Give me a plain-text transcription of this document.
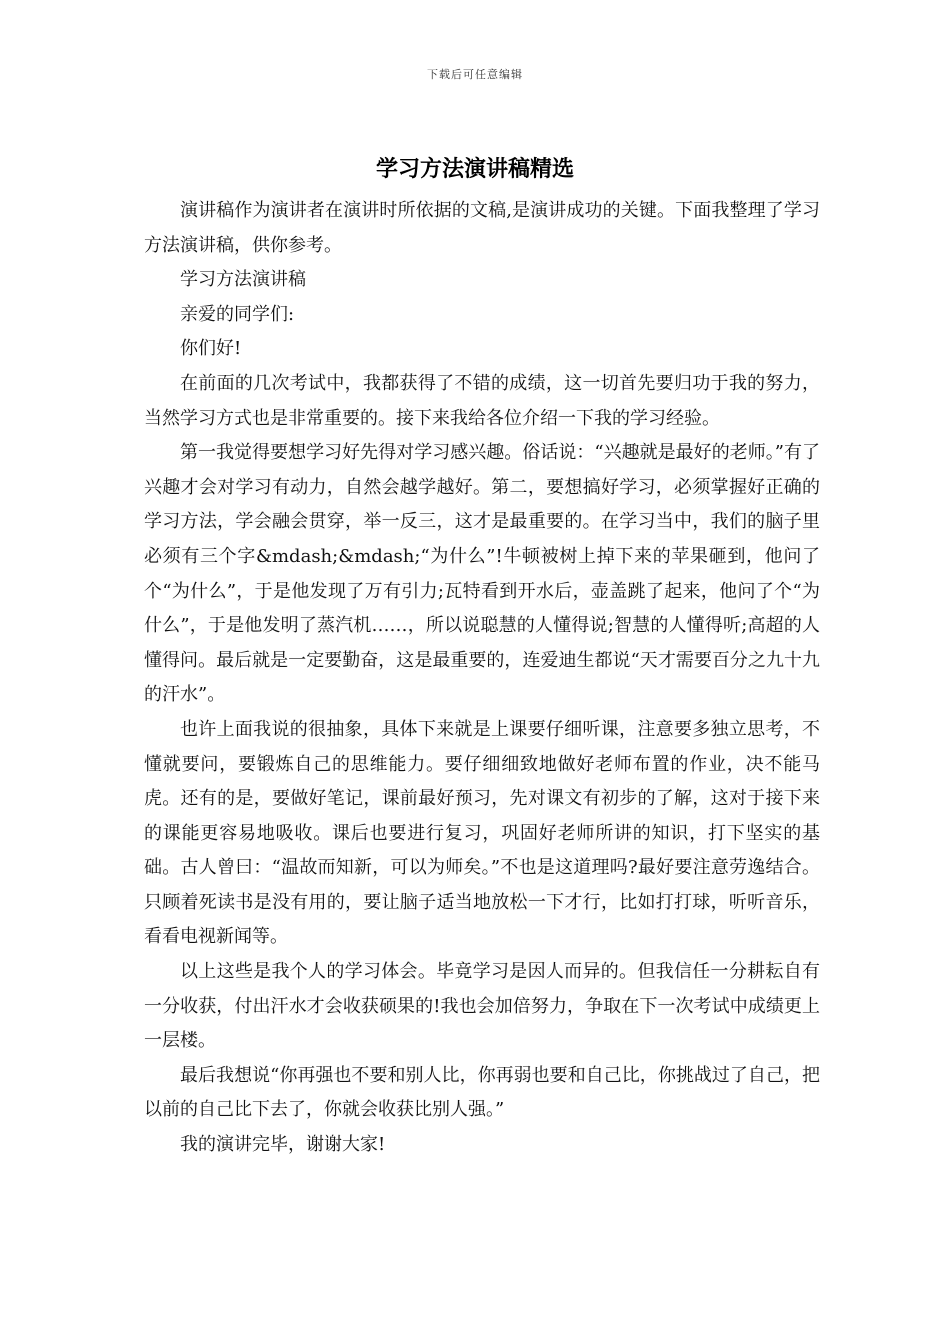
下载后可任意编辑
学习方法演讲稿精选

演讲稿作为演讲者在演讲时所依据的文稿,是演讲成功的关键。下面我整理了学习方法演讲稿，供你参考。

学习方法演讲稿

亲爱的同学们:

你们好!

在前面的几次考试中，我都获得了不错的成绩，这一切首先要归功于我的努力，当然学习方式也是非常重要的。接下来我给各位介绍一下我的学习经验。

第一我觉得要想学习好先得对学习感兴趣。俗话说：“兴趣就是最好的老师。”有了兴趣才会对学习有动力，自然会越学越好。第二，要想搞好学习，必须掌握好正确的学习方法，学会融会贯穿，举一反三，这才是最重要的。在学习当中，我们的脑子里必须有三个字&mdash;&mdash;“为什么”!牛顿被树上掉下来的苹果砸到，他问了个“为什么”，于是他发现了万有引力;瓦特看到开水后，壶盖跳了起来，他问了个“为什么”，于是他发明了蒸汽机……，所以说聪慧的人懂得说;智慧的人懂得听;高超的人懂得问。最后就是一定要勤奋，这是最重要的，连爱迪生都说“天才需要百分之九十九的汗水”。

也许上面我说的很抽象，具体下来就是上课要仔细听课，注意要多独立思考，不懂就要问，要锻炼自己的思维能力。要仔细细致地做好老师布置的作业，决不能马虎。还有的是，要做好笔记，课前最好预习，先对课文有初步的了解，这对于接下来的课能更容易地吸收。课后也要进行复习，巩固好老师所讲的知识，打下坚实的基础。古人曾曰：“温故而知新，可以为师矣。”不也是这道理吗?最好要注意劳逸结合。只顾着死读书是没有用的，要让脑子适当地放松一下才行，比如打打球，听听音乐，看看电视新闻等。

以上这些是我个人的学习体会。毕竟学习是因人而异的。但我信任一分耕耘自有一分收获，付出汗水才会收获硕果的!我也会加倍努力，争取在下一次考试中成绩更上一层楼。

最后我想说“你再强也不要和别人比，你再弱也要和自己比，你挑战过了自己，把以前的自己比下去了，你就会收获比别人强。”

我的演讲完毕，谢谢大家!
